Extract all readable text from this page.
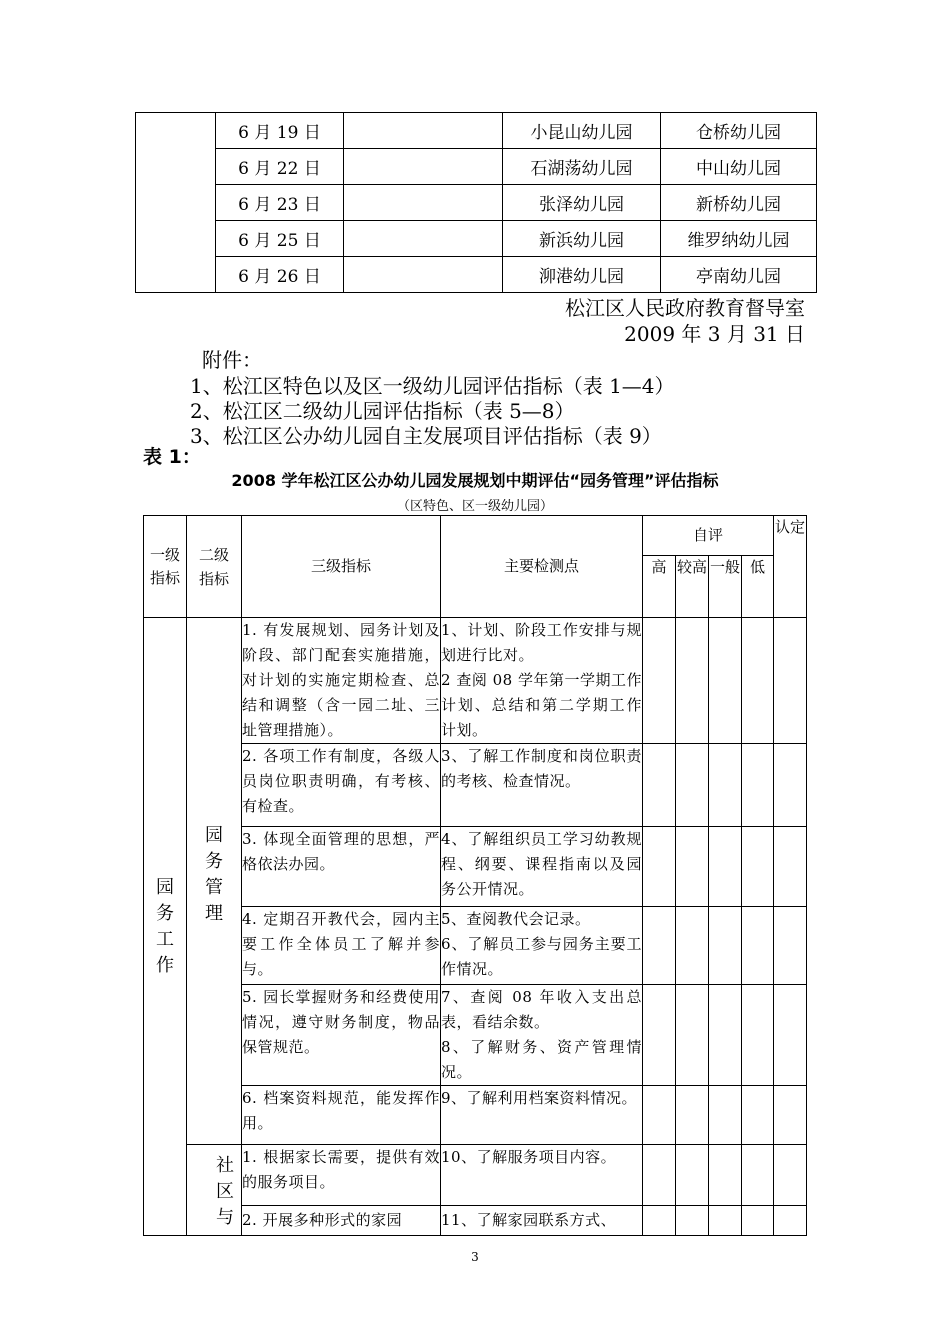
	6 月 19 日		小昆山幼儿园	仓桥幼儿园
	6 月 22 日		石湖荡幼儿园	中山幼儿园
	6 月 23 日		张泽幼儿园	新桥幼儿园
	6 月 25 日		新浜幼儿园	维罗纳幼儿园
	6 月 26 日		泖港幼儿园	亭南幼儿园
松江区人民政府教育督导室
2009 年 3 月 31 日
附件：
1、松江区特色以及区一级幼儿园评估指标（表 1—4）
2、松江区二级幼儿园评估指标（表 5—8）
3、松江区公办幼儿园自主发展项目评估指标（表 9）
表 1：
2008 学年松江区公办幼儿园发展规划中期评估“园务管理”评估指标
（区特色、区一级幼儿园）
一级指标	二级指标	三级指标	主要检测点	自评				认定

				高	较高	一般	低	

园务工作	园务管理	1. 有发展规划、园务计划及阶段、部门配套实施措施，对计划的实施定期检查、总结和调整（含一园二址、三址管理措施）。	1、计划、阶段工作安排与规划进行比对。
2 查阅 08 学年第一学期工作计划、总结和第二学期工作计划。					

		2. 各项工作有制度，各级人员岗位职责明确，有考核、有检查。	3、了解工作制度和岗位职责的考核、检查情况。					

		3. 体现全面管理的思想，严格依法办园。	4、了解组织员工学习幼教规程、纲要、课程指南以及园务公开情况。					

		4. 定期召开教代会，园内主要工作全体员工了解并参与。	5、查阅教代会记录。
6、了解员工参与园务主要工作情况。					

		5. 园长掌握财务和经费使用情况，遵守财务制度，物品保管规范。	7、查阅 08 年收入支出总表，看结余数。
8、了解财务、资产管理情况。					

		6. 档案资料规范，能发挥作用。	9、了解利用档案资料情况。					

	社区与	1. 根据家长需要，提供有效的服务项目。	10、了解服务项目内容。					

		2. 开展多种形式的家园	11、了解家园联系方式、					

3
